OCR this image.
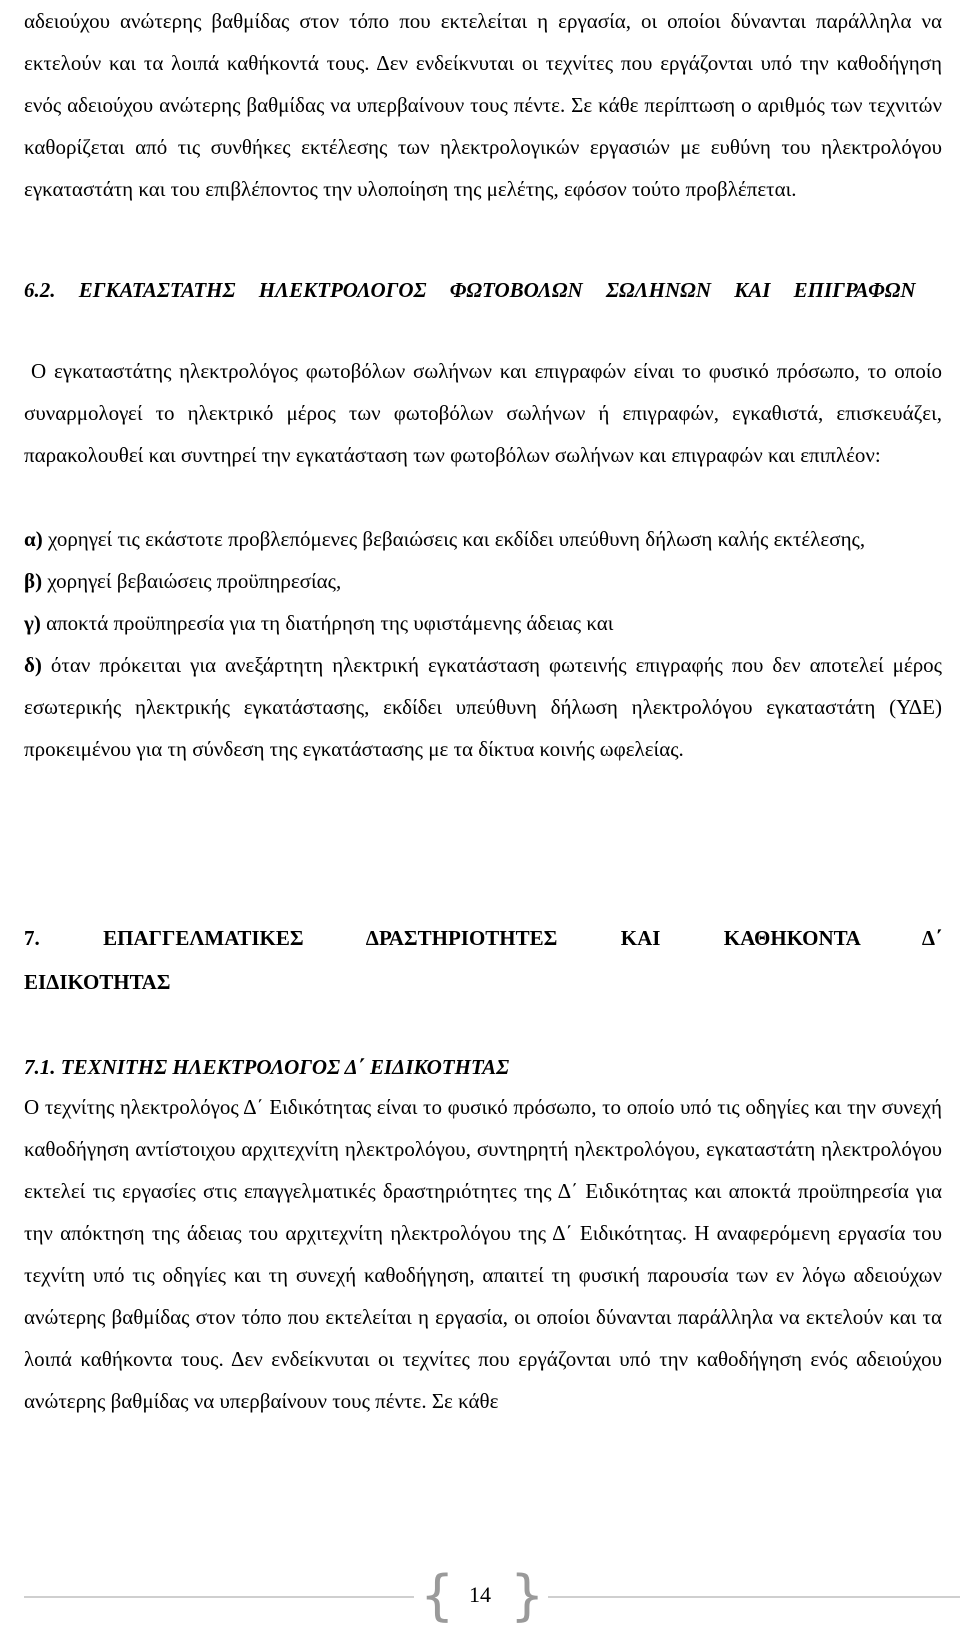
αδειούχου ανώτερης βαθμίδας στον τόπο που εκτελείται η εργασία, οι οποίοι δύνανται παράλληλα να εκτελούν και τα λοιπά καθήκοντά τους. Δεν ενδείκνυται οι τεχνίτες που εργάζονται υπό την καθοδήγηση ενός αδειούχου ανώτερης βαθμίδας να υπερβαίνουν τους πέντε. Σε κάθε περίπτωση ο αριθμός των τεχνιτών καθορίζεται από τις συνθήκες εκτέλεσης των ηλεκτρολογικών εργασιών με ευθύνη του ηλεκτρολόγου εγκαταστάτη και του επιβλέποντος την υλοποίηση της μελέτης, εφόσον τούτο προβλέπεται.

6.2. ΕΓΚΑΤΑΣΤΑΤΗΣ ΗΛΕΚΤΡΟΛΟΓΟΣ ΦΩΤΟΒΟΛΩΝ ΣΩΛΗΝΩΝ ΚΑΙ ΕΠΙΓΡΑΦΩΝ

Ο εγκαταστάτης ηλεκτρολόγος φωτοβόλων σωλήνων και επιγραφών είναι το φυσικό πρόσωπο, το οποίο συναρμολογεί το ηλεκτρικό μέρος των φωτοβόλων σωλήνων ή επιγραφών, εγκαθιστά, επισκευάζει, παρακολουθεί και συντηρεί την εγκατάσταση των φωτοβόλων σωλήνων και επιγραφών και επιπλέον:

α) χορηγεί τις εκάστοτε προβλεπόμενες βεβαιώσεις και εκδίδει υπεύθυνη δήλωση καλής εκτέλεσης,

β) χορηγεί βεβαιώσεις προϋπηρεσίας,

γ) αποκτά προϋπηρεσία για τη διατήρηση της υφιστάμενης άδειας και

δ) όταν πρόκειται για ανεξάρτητη ηλεκτρική εγκατάσταση φωτεινής επιγραφής που δεν αποτελεί μέρος εσωτερικής ηλεκτρικής εγκατάστασης, εκδίδει υπεύθυνη δήλωση ηλεκτρολόγου εγκαταστάτη (ΥΔΕ) προκειμένου για τη σύνδεση της εγκατάστασης με τα δίκτυα κοινής ωφελείας.

7. ΕΠΑΓΓΕΛΜΑΤΙΚΕΣ ΔΡΑΣΤΗΡΙΟΤΗΤΕΣ ΚΑΙ ΚΑΘΗΚΟΝΤΑ Δ΄ ΕΙΔΙΚΟΤΗΤΑΣ

7.1. ΤΕΧΝΙΤΗΣ ΗΛΕΚΤΡΟΛΟΓΟΣ Δ΄ ΕΙΔΙΚΟΤΗΤΑΣ

Ο τεχνίτης ηλεκτρολόγος Δ΄ Ειδικότητας είναι το φυσικό πρόσωπο, το οποίο υπό τις οδηγίες και την συνεχή καθοδήγηση αντίστοιχου αρχιτεχνίτη ηλεκτρολόγου, συντηρητή ηλεκτρολόγου, εγκαταστάτη ηλεκτρολόγου εκτελεί τις εργασίες στις επαγγελματικές δραστηριότητες της Δ΄ Ειδικότητας και αποκτά προϋπηρεσία για την απόκτηση της άδειας του αρχιτεχνίτη ηλεκτρολόγου της Δ΄ Ειδικότητας. Η αναφερόμενη εργασία του τεχνίτη υπό τις οδηγίες και τη συνεχή καθοδήγηση, απαιτεί τη φυσική παρουσία των εν λόγω αδειούχων ανώτερης βαθμίδας στον τόπο που εκτελείται η εργασία, οι οποίοι δύνανται παράλληλα να εκτελούν και τα λοιπά καθήκοντα τους. Δεν ενδείκνυται οι τεχνίτες που εργάζονται υπό την καθοδήγηση ενός αδειούχου ανώτερης βαθμίδας να υπερβαίνουν τους πέντε. Σε κάθε

{ 14 }
